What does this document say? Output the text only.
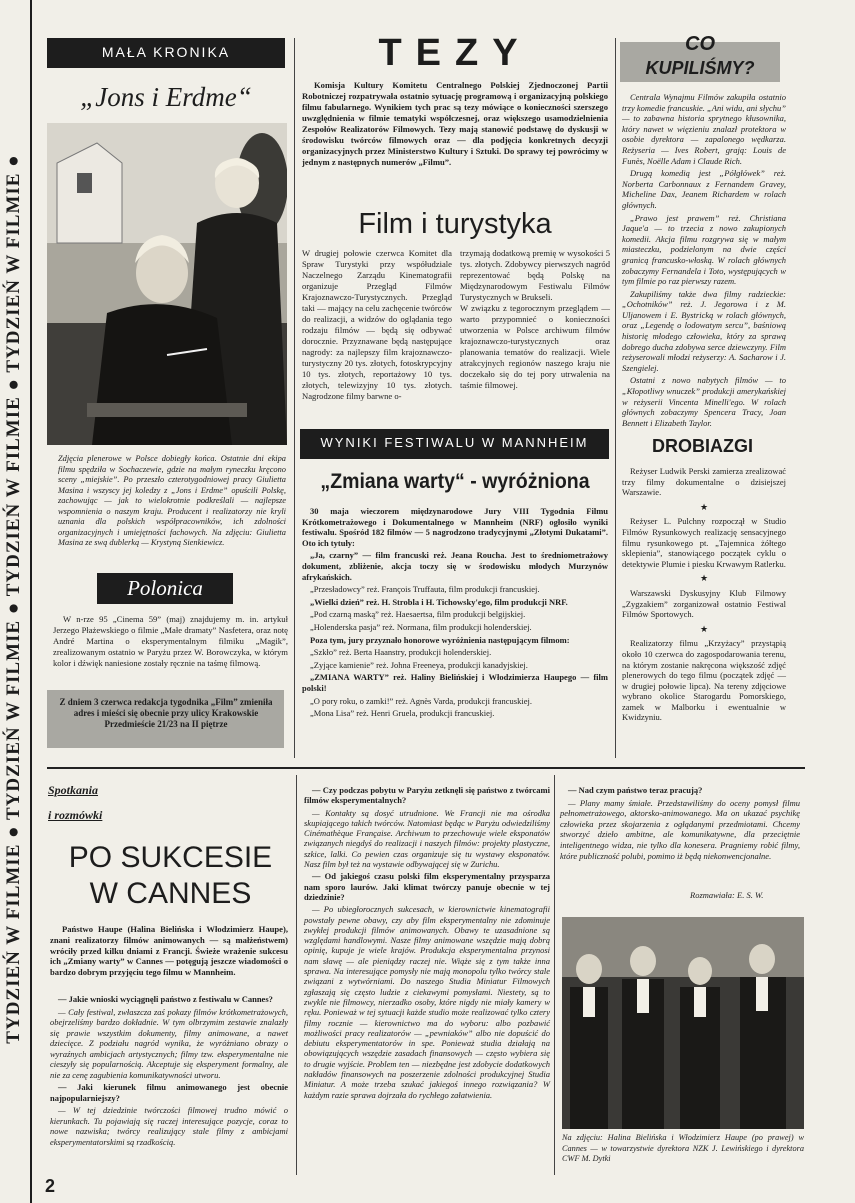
TYDZIEŃ W FILMIE ● TYDZIEŃ W FILMIE ● TYDZIEŃ W FILMIE ● TYDZIEŃ W FILMIE ●
2
MAŁA KRONIKA
„Jons i Erdme“
Zdjęcia plenerowe w Polsce dobiegły końca. Ostatnie dni ekipa filmu spędziła w Sochaczewie, gdzie na małym ryneczku kręcono sceny „miejskie”. Po przeszło czterotygodniowej pracy Giulietta Masina i wszyscy jej koledzy z „Jons i Erdme” opuścili Polskę, zachowując — jak to wielokrotnie podkreślali — najlepsze wspomnienia o naszym kraju. Producent i realizatorzy nie kryli uznania dla polskich współpracowników, ich zdolności organizacyjnych i umiejętności fachowych. Na zdjęciu: Giulietta Masina ze swą dublerką — Krystyną Sienkiewicz.
Polonica
W n-rze 95 „Cinema 59” (maj) znajdujemy m. in. artykuł Jerzego Płażewskiego o filmie „Małe dramaty” Nasfetera, oraz notę André Martina o eksperymentalnym filmiku „Magik”, zrealizowanym ostatnio w Paryżu przez W. Borowczyka, w którym kolor i dźwięk naniesione zostały ręcznie na taśmę filmową.
Z dniem 3 czerwca redakcja tygodnika „Film” zmieniła adres i mieści się obecnie przy ulicy Krakowskie Przedmieście 21/23 na II piętrze
TEZY
Komisja Kultury Komitetu Centralnego Polskiej Zjednoczonej Partii Robotniczej rozpatrywała ostatnio sytuację programową i organizacyjną polskiego filmu fabularnego. Wynikiem tych prac są tezy mówiące o konieczności szerszego uwzględnienia w filmie tematyki współczesnej, oraz większego usamodzielnienia Zespołów Realizatorów Filmowych. Tezy mają stanowić podstawę do dyskusji w środowisku twórców filmowych oraz — dla podjęcia konkretnych decyzji organizacyjnych przez Ministerstwo Kultury i Sztuki. Do sprawy tej powrócimy w jednym z następnych numerów „Filmu”.
Film i turystyka
W drugiej połowie czerwca Komitet dla Spraw Turystyki przy współudziale Naczelnego Zarządu Kinematografii organizuje Przegląd Filmów Krajoznawczo-Turystycznych. Przegląd taki — mający na celu zachęcenie twórców do realizacji, a widzów do oglądania tego rodzaju filmów — będą się odbywać dorocznie. Przyznawane będą następujące nagrody: za najlepszy film krajoznawczo-turystyczny 20 tys. złotych, fotoskrypcyjny 10 tys. złotych, reportażowy 10 tys. złotych, telewizyjny 10 tys. złotych. Nagrodzone filmy barwne o-
trzymają dodatkową premię w wysokości 5 tys. złotych. Zdobywcy pierwszych nagród reprezentować będą Polskę na Międzynarodowym Festiwalu Filmów Turystycznych w Brukseli.
W związku z tegorocznym przeglądem — warto przypomnieć o konieczności utworzenia w Polsce archiwum filmów krajoznawczo-turystycznych oraz planowania tematów do realizacji. Wiele atrakcyjnych regionów naszego kraju nie doczekało się do tej pory utrwalenia na taśmie filmowej.
WYNIKI FESTIWALU W MANNHEIM
„Zmiana warty“ - wyróżniona

30 maja wieczorem międzynarodowe Jury VIII Tygodnia Filmu Krótkometrażowego i Dokumentalnego w Mannheim (NRF) ogłosiło wyniki festiwalu. Spośród 182 filmów — 5 nagrodzono tradycyjnymi „Złotymi Dukatami”. Oto ich tytuły:

„Ja, czarny” — film francuski reż. Jeana Roucha. Jest to średniometrażowy dokument, zbliżenie, akcja toczy się w środowisku młodych Murzynów afrykańskich.

„Przesładowcy” reż. François Truffauta, film produkcji francuskiej.

„Wielki dzień” reż. H. Strobla i H. Tichowsky'ego, film produkcji NRF.

„Pod czarną maską” reż. Haesaertsa, film produkcji belgijskiej.

„Holenderska pasja” reż. Normana, film produkcji holenderskiej.

Poza tym, jury przyznało honorowe wyróżnienia następującym filmom:

„Szkło” reż. Berta Haanstry, produkcji holenderskiej.

„Zyjące kamienie” reż. Johna Freeneya, produkcji kanadyjskiej.

„ZMIANA WARTY” reż. Haliny Bielińskiej i Włodzimierza Haupego — film polski!

„O pory roku, o zamki!” reż. Agnès Varda, produkcji francuskiej.

„Mona Lisa” reż. Henri Gruela, produkcji francuskiej.

CO
KUPILIŚMY?

Centrala Wynajmu Filmów zakupiła ostatnio trzy komedie francuskie. „Ani widu, ani słychu” — to zabawna historia sprytnego kłusownika, który nawet w więzieniu znalazł protektora w osobie dyrektora — zapalonego wędkarza. Reżyseria — Ives Robert, grają: Louis de Funès, Noëlle Adam i Claude Rich.

Drugą komedią jest „Półgłówek” reż. Norberta Carbonnaux z Fernandem Gravey, Micheline Dax, Jeanem Richardem w rolach głównych.

„Prawo jest prawem” reż. Christiana Jaque'a — to trzecia z nowo zakupionych komedii. Akcja filmu rozgrywa się w małym miasteczku, podzielonym na dwie części granicą francusko-włoską. W rolach głównych zobaczymy Fernandela i Toto, występujących w tym filmie po raz pierwszy razem.

Zakupiliśmy także dwa filmy radzieckie: „Ochotników” reż. J. Jegorowa i z M. Uljanowem i E. Bystricką w rolach głównych, oraz „Legendę o lodowatym sercu”, baśniową historię młodego człowieka, który za sprawą dobrego ducha zdobywa serce dziewczyny. Film reżyserowali młodzi reżyserzy: A. Sacharow i J. Szengielej.

Ostatni z nowo nabytych filmów — to „Kłopotliwy wnuczek” produkcji amerykańskiej w reżyserii Vincenta Minelli'ego. W rolach głównych zobaczymy Spencera Tracy, Joan Bennett i Elizabeth Taylor.

DROBIAZGI

Reżyser Ludwik Perski zamierza zrealizować trzy filmy dokumentalne o dzisiejszej Warszawie.

★

Reżyser L. Pulchny rozpoczął w Studio Filmów Rysunkowych realizację sensacyjnego filmu rysunkowego pt. „Tajemnica żółtego sklepienia”, stanowiącego początek cyklu o detektywie Plumie i piesku Krwawym Ratlerku.

★

Warszawski Dyskusyjny Klub Filmowy „Zygzakiem” zorganizował ostatnio Festiwal Filmów Sportowych.

★

Realizatorzy filmu „Krzyżacy” przystąpią około 10 czerwca do zagospodarowania terenu, na którym zostanie nakręcona większość zdjęć plenerowych do tego filmu (początek zdjęć — w drugiej połowie lipca). Na tereny zdjęciowe wybrano okolice Starogardu Pomorskiego, zamek w Malborku i ewentualnie w Kwidzyniu.

Spotkania
i rozmówki
PO SUKCESIE
W CANNES
Państwo Haupe (Halina Bielińska i Włodzimierz Haupe), znani realizatorzy filmów animowanych — są małżeństwem) wróciły przed kilku dniami z Francji. Świeże wrażenie sukcesu ich „Zmiany warty” w Cannes — potęgują jeszcze wiadomości o bardzo dobrym przyjęciu tego filmu w Mannheim.

— Jakie wnioski wyciągnęli państwo z festiwalu w Cannes?

— Cały festiwal, zwłaszcza zaś pokazy filmów krótkometrażowych, obejrzeliśmy bardzo dokładnie. W tym olbrzymim zestawie znalazły się prawie wszystkim dokumenty, filmy animowane, a nawet dziecięce. Z podziału nagród wynika, że wyróżniano obrazy o wyraźnych ambicjach artystycznych; filmy tzw. eksperymentalne nie cieszyły się popularnością. Akceptuje się eksperyment formalny, ale nie za cenę zagubienia komunikatywności utworu.

— Jaki kierunek filmu animowanego jest obecnie najpopularniejszy?

— W tej dziedzinie twórczości filmowej trudno mówić o kierunkach. Tu pojawiają się raczej interesujące pozycje, coraz to nowe nazwiska; twórcy realizujący stale filmy z ambicjami eksperymentatorskimi są rzadkością.

— Czy podczas pobytu w Paryżu zetknęli się państwo z twórcami filmów eksperymentalnych?

— Kontakty są dosyć utrudnione. We Francji nie ma ośrodka skupiającego takich twórców. Natomiast będąc w Paryżu odwiedziliśmy Cinémathèque Française. Archiwum to przechowuje wiele eksponatów związanych niegdyś do realizacji i naszych filmów: projekty plastyczne, szkice, lalki. Co pewien czas organizuje się tu wystawy eksponatów. Nasz film był też na wystawie odbywającej się w Zurichu.

— Od jakiegoś czasu polski film eksperymentalny przysparza nam sporo laurów. Jaki klimat twórczy panuje obecnie w tej dziedzinie?

— Po ubiegłorocznych sukcesach, w kierownictwie kinematografii powstały pewne obawy, czy aby film eksperymentalny nie zdominuje zwykłej produkcji filmów animowanych. Obawy te uzasadnione są względami handlowymi. Nasze filmy animowane wszędzie mają dobrą opinię, kupuje je wiele krajów. Produkcja eksperymentalna przynosi nam sławę — ale pieniądzy raczej nie. Wiąże się z tym także inna sprawa. Na interesujące pomysły nie mają monopolu tylko twórcy stale związani z wytwórniami. Do naszego Studia Miniatur Filmowych zgłaszają się często ludzie z ciekawymi pomysłami. Niestety, są to zwykle nie filmowcy, nierzadko osoby, które nigdy nie miały kamery w ręku. Ponieważ w tej sytuacji każde studio może realizować tylko cztery filmy rocznie — kierownictwo ma do wyboru: albo pozbawić możliwości pracy realizatorów — „pewniaków” albo nie dopuścić do debiutu eksperymentatorów in spe. Ponieważ studia działają na obowiązujących wszędzie zasadach finansowych — często wybiera się to drugie wyjście. Problem ten — niezbędne jest zdobycie dodatkowych nakładów finansowych na poszerzenie zdolności produkcyjnej Studia Miniatur. A może trzeba szukać jakiegoś innego rozwiązania? W każdym razie sprawa dojrzała do rychłego załatwienia.

— Nad czym państwo teraz pracują?

— Plany mamy śmiałe. Przedstawiliśmy do oceny pomysł filmu pełnometrażowego, aktorsko-animowanego. Ma on ukazać psychikę człowieka przez skojarzenia z ogłądanymi przedmiotami. Chcemy stworzyć dzieło ambitne, ale komunikatywne, dla przeciętnie inteligentnego widza, nie tylko dla konesera. Pragniemy robić filmy, które publiczność polubi, pomimo iż będą niekonwencjonalne.

Rozmawiała: E. S. W.
Na zdjęciu: Halina Bielińska i Włodzimierz Haupe (po prawej) w Cannes — w towarzystwie dyrektora NZK J. Lewińskiego i dyrektora CWF M. Dytki
